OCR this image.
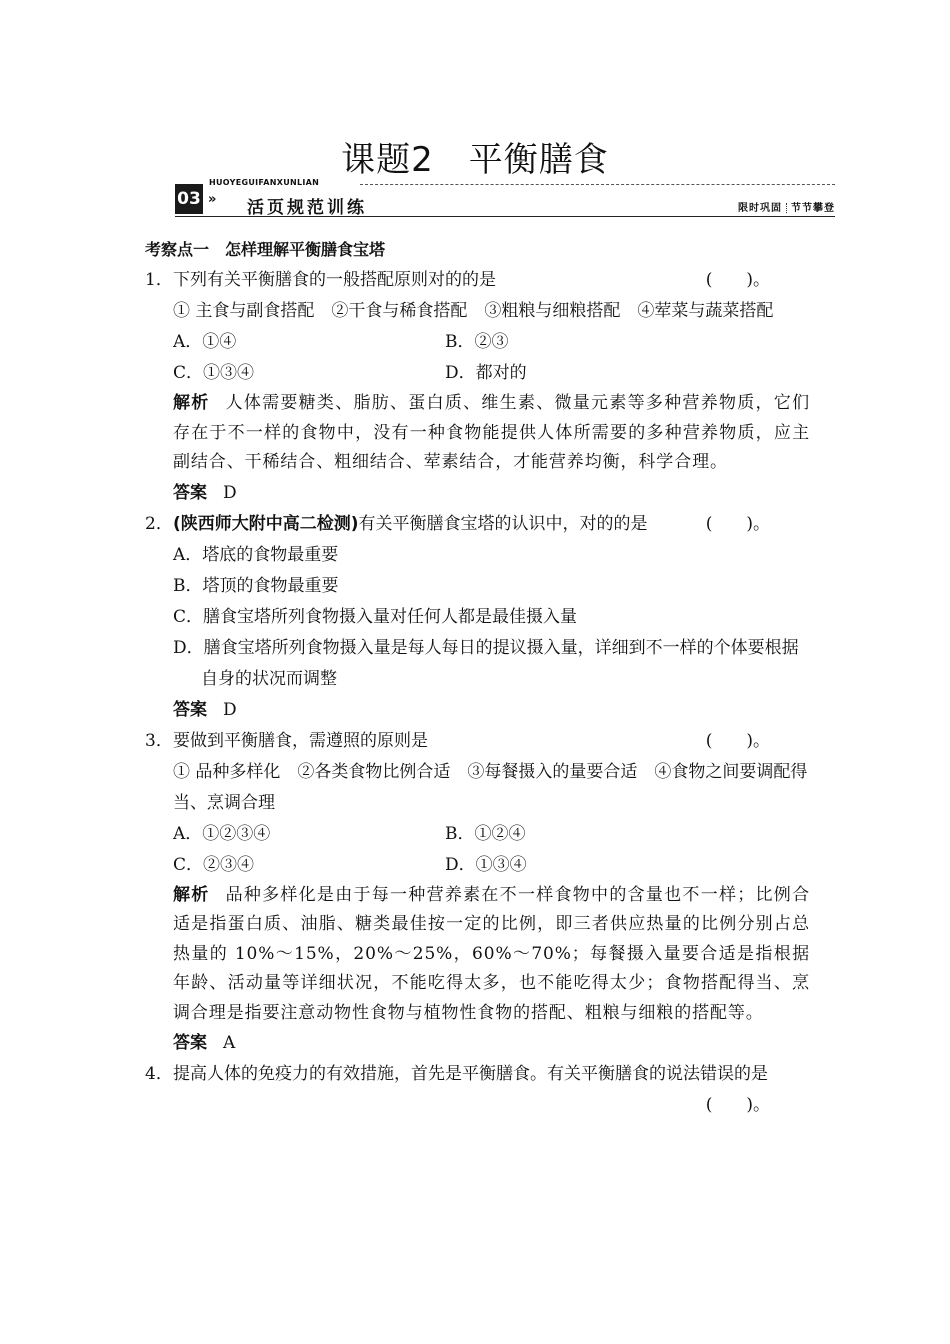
课题2　平衡膳食
03 »
HUOYEGUIFANXUNLIAN
活页规范训练	限时巩固 节节攀登
考察点一　怎样理解平衡膳食宝塔
1． 下列有关平衡膳食的一般搭配原则对的的是	(　　)。
① 主食与副食搭配　②干食与稀食搭配　③粗粮与细粮搭配　④荤菜与蔬菜搭配
A．①④	B．②③
C．①③④	D．都对的
解析 人体需要糖类、脂肪、蛋白质、维生素、微量元素等多种营养物质，它们存在于不一样的食物中，没有一种食物能提供人体所需要的多种营养物质，应主副结合、干稀结合、粗细结合、荤素结合，才能营养均衡，科学合理。
答案 D
2． (陕西师大附中高二检测)有关平衡膳食宝塔的认识中，对的的是	(　　)。
A．塔底的食物最重要
B．塔顶的食物最重要
C．膳食宝塔所列食物摄入量对任何人都是最佳摄入量
D．膳食宝塔所列食物摄入量是每人每日的提议摄入量，详细到不一样的个体要根据自身的状况而调整
答案 D
3． 要做到平衡膳食，需遵照的原则是	(　　)。
① 品种多样化　②各类食物比例合适　③每餐摄入的量要合适　④食物之间要调配得当、烹调合理
A．①②③④	B．①②④
C．②③④	D．①③④
解析 品种多样化是由于每一种营养素在不一样食物中的含量也不一样；比例合适是指蛋白质、油脂、糖类最佳按一定的比例，即三者供应热量的比例分别占总热量的 10%～15%，20%～25%，60%～70%；每餐摄入量要合适是指根据年龄、活动量等详细状况，不能吃得太多，也不能吃得太少；食物搭配得当、烹调合理是指要注意动物性食物与植物性食物的搭配、粗粮与细粮的搭配等。
答案 A
4． 提高人体的免疫力的有效措施，首先是平衡膳食。有关平衡膳食的说法错误的是
(　　)。
